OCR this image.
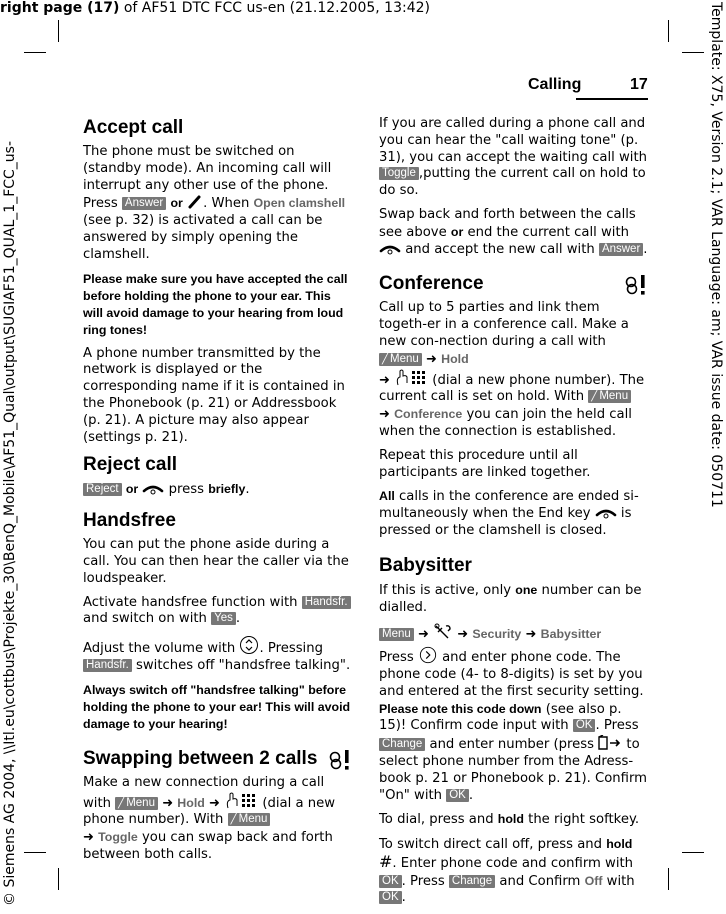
right page (17) of AF51 DTC FCC us-en (21.12.2005, 13:42)
© Siemens AG 2004, \\Itl.eu\cottbus\Projekte_30\BenQ_Mobile\AF51_Qual\output\SUGIAF51_QUAL_1_FCC_us-	Template: X75, Version 2.1; VAR Language: am; VAR issue date: 050711
Calling	17
Accept call

The phone must be switched on (standby mode). An incoming call will interrupt any other use of the phone. Press Answer or . When Open clamshell (see p. 32) is activated a call can be answered by simply opening the clamshell.

Please make sure you have accepted the call before holding the phone to your ear. This will avoid damage to your hearing from loud ring tones!

A phone number transmitted by the network is displayed or the corresponding name if it is contained in the Phonebook (p. 21) or Addressbook (p. 21). A picture may also appear (settings p. 21).

Reject call

Reject or press briefly.

Handsfree

You can put the phone aside during a call. You can then hear the caller via the loudspeaker.

Activate handsfree function with Handsfr. and switch on with Yes .

Adjust the volume with . Pressing Handsfr. switches off "handsfree talking".

Always switch off "handsfree talking" before holding the phone to your ear! This will avoid damage to your hearing!

Swapping between 2 calls

Make a new connection during a call with ╱ Menu ➜ Hold ➜	(dial a new phone number). With ╱ Menu
➜ Toggle you can swap back and forth between both calls.

If you are called during a phone call and you can hear the "call waiting tone" (p. 31), you can accept the waiting call with Toggle ,putting the current call on hold to do so.

Swap back and forth between the calls see above or end the current call with  and accept the new call with Answer .

Conference

Call up to 5 parties and link them togeth-er in a conference call. Make a new con-nection during a call with ╱ Menu ➜ Hold
➜	(dial a new phone number). The current call is set on hold. With ╱ Menu
➜ Conference you can join the held call when the connection is established.

Repeat this procedure until all participants are linked together.

All calls in the conference are ended si-multaneously when the End key  is pressed or the clamshell is closed.

Babysitter

If this is active, only one number can be dialled.

Menu ➜ ➜ Security ➜ Babysitter

Press  and enter phone code. The phone code (4- to 8-digits) is set by you and entered at the first security setting.
Please note this code down (see also p. 15)! Confirm code input with OK . Press Change and enter number (press  to select phone number from the Adress-book p. 21 or Phonebook p. 21). Confirm "On" with OK .

To dial, press and hold the right softkey.

To switch direct call off, press and hold #. Enter phone code and confirm with OK . Press Change and Confirm Off with OK .
